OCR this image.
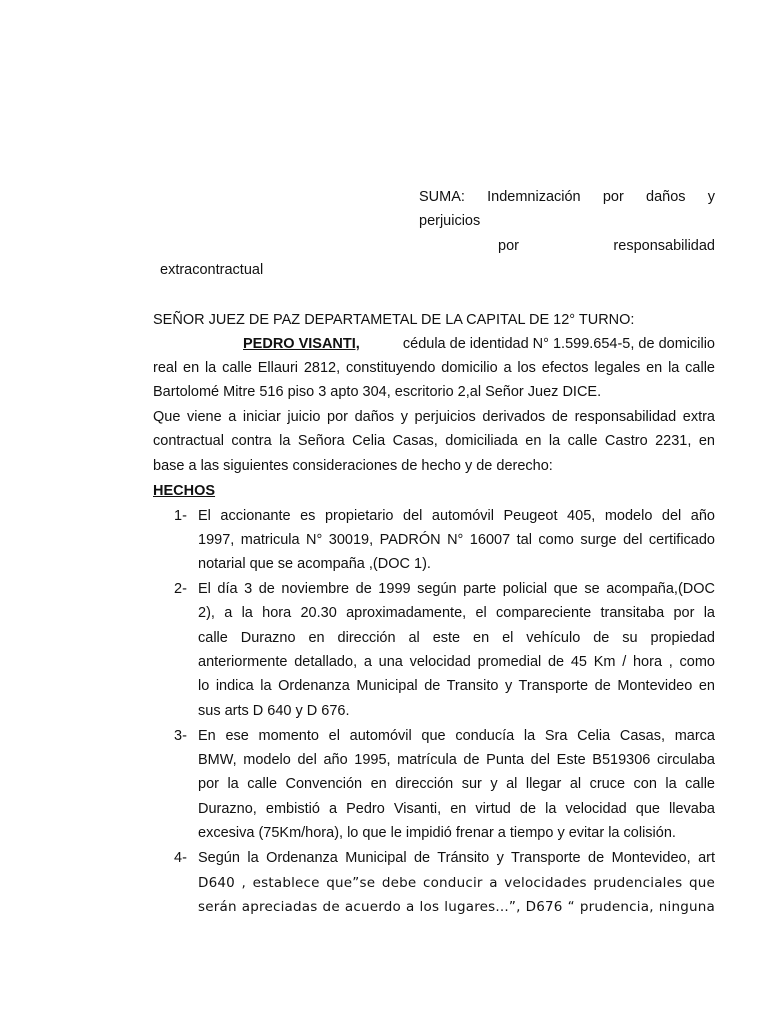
SUMA: Indemnización por daños y
perjuicios
por	responsabilidad
extracontractual
SEÑOR JUEZ DE PAZ DEPARTAMETAL DE LA CAPITAL DE 12° TURNO:
PEDRO VISANTI,	cédula de identidad N° 1.599.654-5, de domicilio
real en la calle Ellauri 2812, constituyendo domicilio a los efectos legales en la calle
Bartolomé Mitre 516 piso 3 apto 304, escritorio 2,al Señor Juez DICE.
Que viene a iniciar juicio por daños y perjuicios derivados de responsabilidad extra
contractual contra la Señora Celia Casas, domiciliada en la calle Castro 2231, en
base a las siguientes consideraciones de hecho y de derecho:
HECHOS
1- El accionante es propietario del automóvil Peugeot 405, modelo del año
1997, matricula N° 30019, PADRÓN N° 16007 tal como surge del certificado
notarial que se acompaña ,(DOC 1).
2- El día 3 de noviembre de 1999 según parte policial que se acompaña,(DOC
2), a la hora 20.30 aproximadamente, el compareciente transitaba por la
calle Durazno en dirección al este en el vehículo de su propiedad
anteriormente detallado, a una velocidad promedial de 45 Km / hora , como
lo indica la Ordenanza Municipal de Transito y Transporte de Montevideo en
sus arts D 640 y D 676.
3- En ese momento el automóvil que conducía la Sra Celia Casas, marca
BMW, modelo del año 1995, matrícula de Punta del Este B519306 circulaba
por la calle Convención en dirección sur y al llegar al cruce con la calle
Durazno, embistió a Pedro Visanti, en virtud de la velocidad que llevaba
excesiva (75Km/hora), lo que le impidió frenar a tiempo y evitar la colisión.
4- Según la Ordenanza Municipal de Tránsito y Transporte de Montevideo, art
D640 , establece que”se debe conducir a velocidades prudenciales que
serán apreciadas de acuerdo a los lugares...”, D676 “ prudencia, ninguna
